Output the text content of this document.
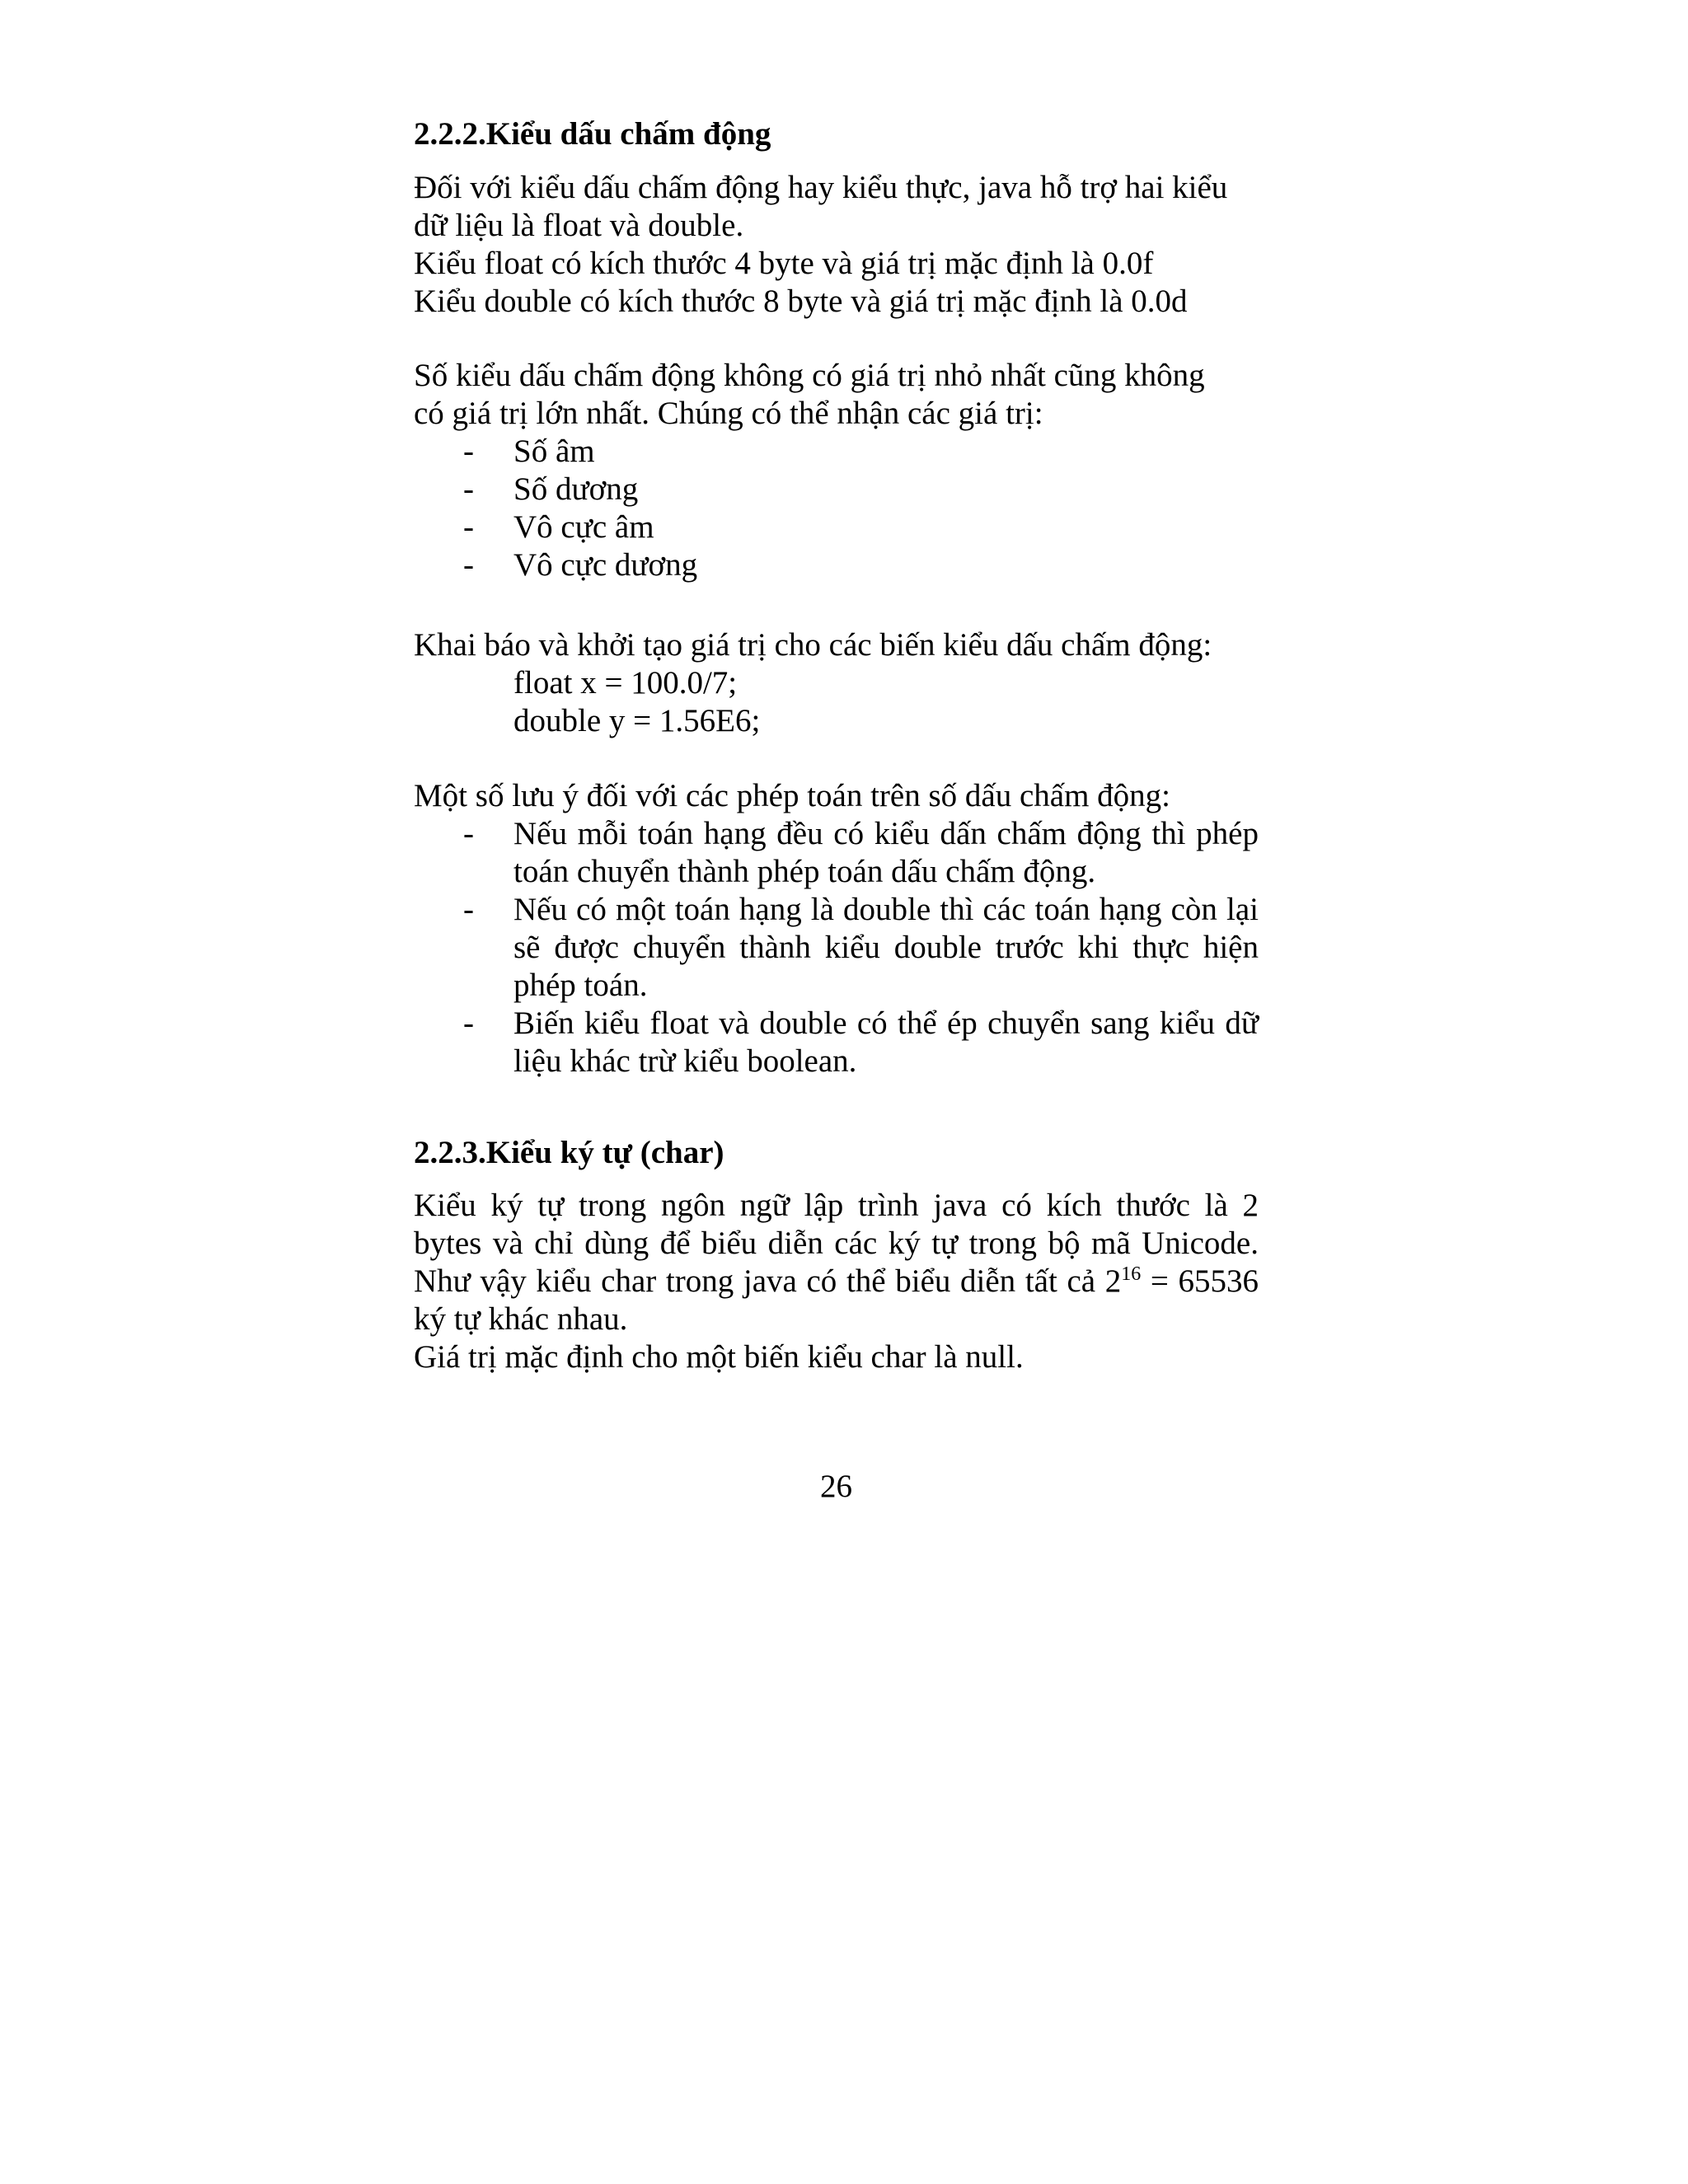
2.2.2.Kiểu dấu chấm động

Đối với kiểu dấu chấm động hay kiểu thực, java hỗ trợ hai kiểu
dữ liệu là float và double.
Kiểu float có kích thước 4 byte và giá trị mặc định là 0.0f
Kiểu double có kích thước 8 byte và giá trị mặc định là 0.0d

Số kiểu dấu chấm động không có giá trị nhỏ nhất cũng không
có giá trị lớn nhất. Chúng có thể nhận các giá trị:

- Số âm
- Số dương
- Vô cực âm
- Vô cực dương

Khai báo và khởi tạo giá trị cho các biến kiểu dấu chấm động:

float x = 100.0/7;
double y = 1.56E6;

Một số lưu ý đối với các phép toán trên số dấu chấm động:

- Nếu mỗi toán hạng đều có kiểu dấn chấm động thì phép toán chuyển thành phép toán dấu chấm động.
- Nếu có một toán hạng là double thì các toán hạng còn lại sẽ được chuyển thành kiểu double trước khi thực hiện phép toán.
- Biến kiểu float và double có thể ép chuyển sang kiểu dữ liệu khác trừ kiểu boolean.
2.2.3.Kiểu ký tự (char)
Kiểu ký tự trong ngôn ngữ lập trình java có kích thước là 2
bytes và chỉ dùng để biểu diễn các ký tự trong bộ mã Unicode.
Như vậy kiểu char trong java có thể biểu diễn tất cả $2^{16} = 65536$
ký tự khác nhau.
Giá trị mặc định cho một biến kiểu char là null.

26
